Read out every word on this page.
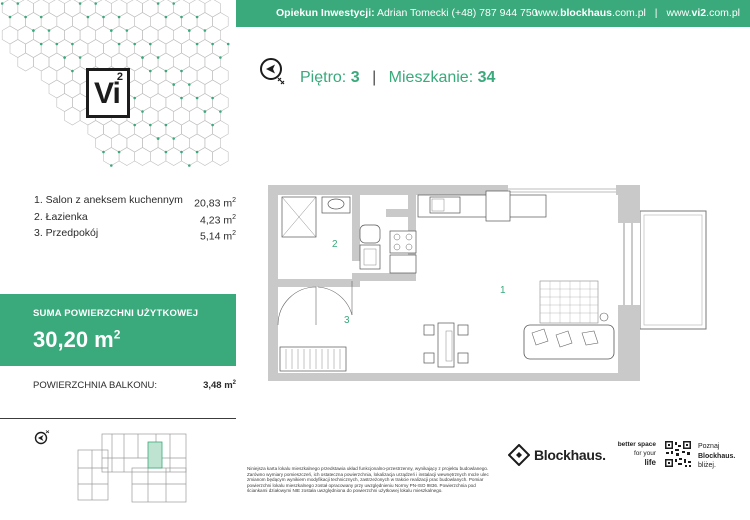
Opiekun Inwestycji: Adrian Tomecki (+48) 787 944 750
www.blockhaus.com.pl | www.vi2.com.pl
Vi
2	Piętro: 3 | Mieszkanie: 34
1. Salon z aneksem kuchennym 20,83 $m^2$
2. Łazienka	4,23 $m^2$
3. Przedpokój	5,14 $m^2$
SUMA POWIERZCHNI UŻYTKOWEJ
30,20 $m^2$
POWIERZCHNIA BALKONU:	3,48 $m^2$
1
2
3
Niniejsza karta lokalu mieszkalnego przedstawia układ funkcjonalno-przestrzenny, wynikający z projektu budowlanego. Zarówno wymiary pomieszczeń, ich ostateczna powierzchnia, lokalizacja urządzeń i instalacji wewnętrznych może ulec zmianom będącym wynikiem modyfikacji technicznych, zastrzeżonych w trakcie realizacji prac budowlanych. Pomiar powierzchni lokalu mieszkalnego został opracowany przy uwzględnieniu Normy PN-ISO 9836. Powierzchnia pod ściankami działowymi NIE została uwzględniona do powierzchni użytkowej lokalu mieszkalnego.
Blockhaus.
better space
for your
life
Poznaj
Blockhaus.
bliżej.
